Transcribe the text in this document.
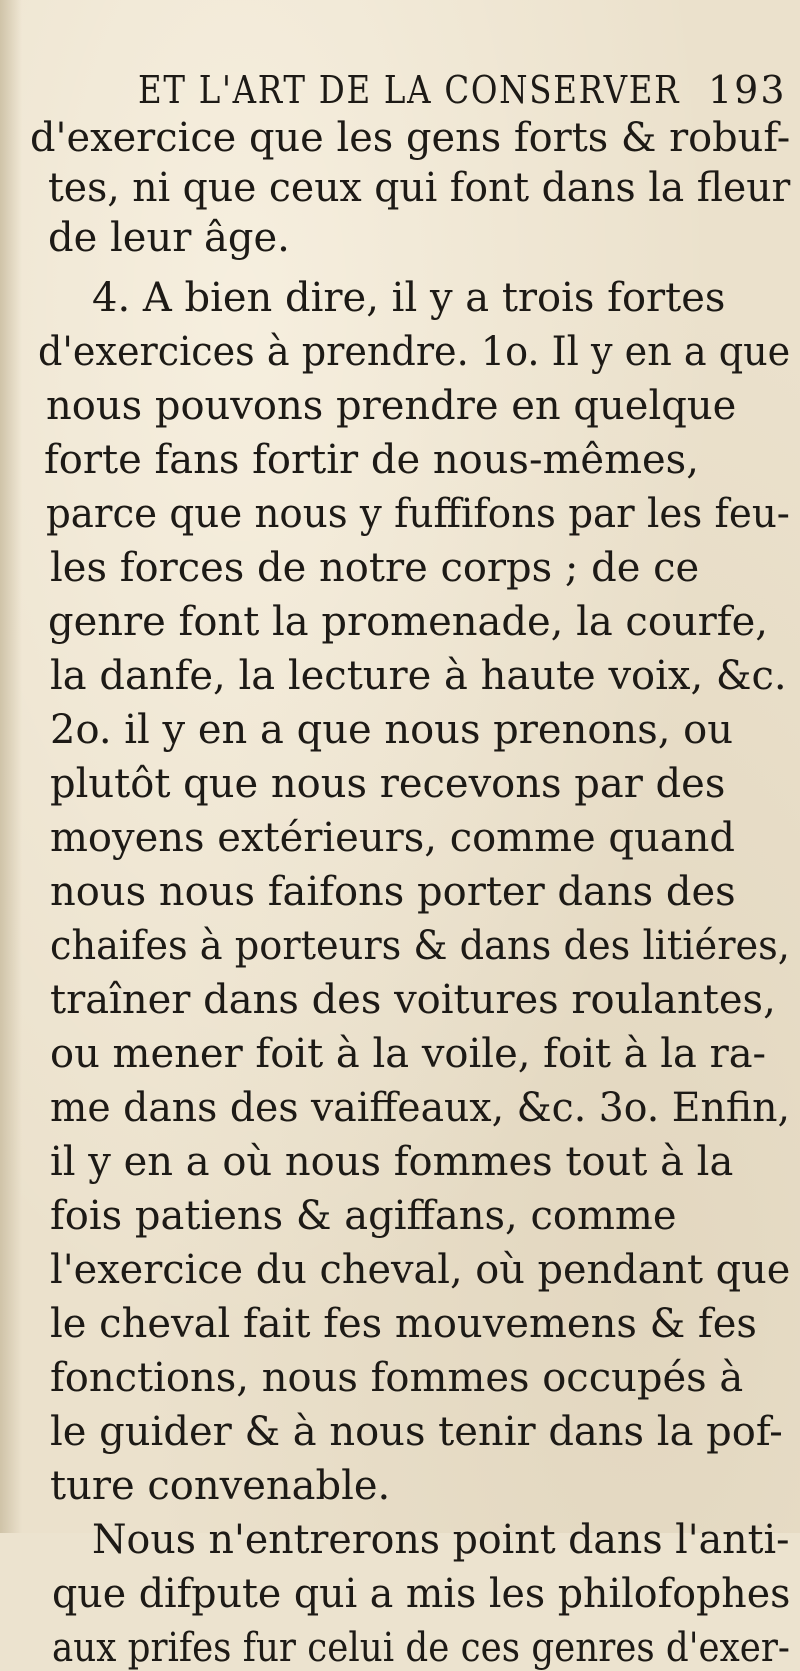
ET L'ART DE LA CONSERVER 193
d'exercice que les gens forts & robuf-
tes, ni que ceux qui font dans la fleur
de leur âge.
4. A bien dire, il y a trois fortes
d'exercices à prendre. 1o. Il y en a que
nous pouvons prendre en quelque
forte fans fortir de nous-mêmes,
parce que nous y fuffifons par les feu-
les forces de notre corps ; de ce
genre font la promenade, la courfe,
la danfe, la lecture à haute voix, &c.
2o. il y en a que nous prenons, ou
plutôt que nous recevons par des
moyens extérieurs, comme quand
nous nous faifons porter dans des
chaifes à porteurs & dans des litiéres,
traîner dans des voitures roulantes,
ou mener foit à la voile, foit à la ra-
me dans des vaiffeaux, &c. 3o. Enfin,
il y en a où nous fommes tout à la
fois patiens & agiffans, comme
l'exercice du cheval, où pendant que
le cheval fait fes mouvemens & fes
fonctions, nous fommes occupés à
le guider & à nous tenir dans la pof-
ture convenable.
Nous n'entrerons point dans l'anti-
que difpute qui a mis les philofophes
aux prifes fur celui de ces genres d'exer-
